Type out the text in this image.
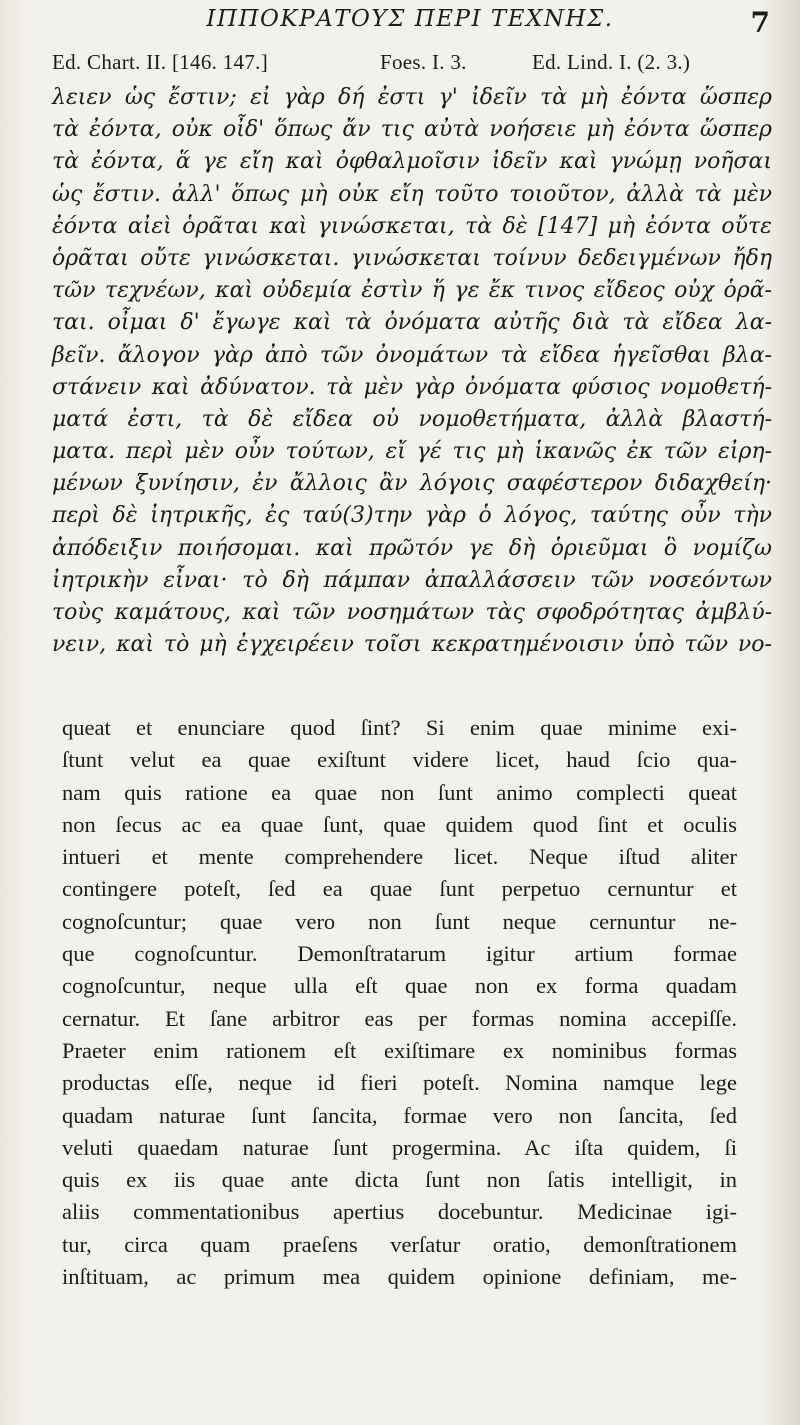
ΙΠΠΟΚΡΑΤΟΥΣ ΠΕΡΙ ΤΕΧΝΗΣ.	7
Ed. Chart. II. [146. 147.]	Foes. I. 3.	Ed. Lind. I. (2. 3.)
λειεν ὡς ἔστιν; εἰ γὰρ δή ἐστι γ' ἰδεῖν τὰ μὴ ἐόντα ὥσπερ
τὰ ἐόντα, οὐκ οἶδ' ὅπως ἄν τις αὐτὰ νοήσειε μὴ ἐόντα ὥσπερ
τὰ ἐόντα, ἅ γε εἴη καὶ ὀφθαλμοῖσιν ἰδεῖν καὶ γνώμῃ νοῆσαι
ὡς ἔστιν. ἀλλ' ὅπως μὴ οὐκ εἴη τοῦτο τοιοῦτον, ἀλλὰ τὰ μὲν
ἐόντα αἰεὶ ὁρᾶται καὶ γινώσκεται, τὰ δὲ [147] μὴ ἐόντα οὔτε
ὁρᾶται οὔτε γινώσκεται. γινώσκεται τοίνυν δεδειγμένων ἤδη
τῶν τεχνέων, καὶ οὐδεμία ἐστὶν ἥ γε ἔκ τινος εἴδεος οὐχ ὁρᾶ-
ται. οἶμαι δ' ἔγωγε καὶ τὰ ὀνόματα αὐτῆς διὰ τὰ εἴδεα λα-
βεῖν. ἄλογον γὰρ ἀπὸ τῶν ὀνομάτων τὰ εἴδεα ἡγεῖσθαι βλα-
στάνειν καὶ ἀδύνατον. τὰ μὲν γὰρ ὀνόματα φύσιος νομοθετή-
ματά ἐστι, τὰ δὲ εἴδεα οὐ νομοθετήματα, ἀλλὰ βλαστή-
ματα. περὶ μὲν οὖν τούτων, εἴ γέ τις μὴ ἱκανῶς ἐκ τῶν εἰρη-
μένων ξυνίησιν, ἐν ἄλλοις ἂν λόγοις σαφέστερον διδαχθείη·
περὶ δὲ ἰητρικῆς, ἐς ταύ(3)την γὰρ ὁ λόγος, ταύτης οὖν τὴν
ἀπόδειξιν ποιήσομαι. καὶ πρῶτόν γε δὴ ὁριεῦμαι ὃ νομίζω
ἰητρικὴν εἶναι· τὸ δὴ πάμπαν ἀπαλλάσσειν τῶν νοσεόντων
τοὺς καμάτους, καὶ τῶν νοσημάτων τὰς σφοδρότητας ἀμβλύ-
νειν, καὶ τὸ μὴ ἐγχειρέειν τοῖσι κεκρατημένοισιν ὑπὸ τῶν νο-
queat et enunciare quod ſint? Si enim quae minime exi-
ſtunt velut ea quae exiſtunt videre licet, haud ſcio qua-
nam quis ratione ea quae non ſunt animo complecti queat
non ſecus ac ea quae ſunt, quae quidem quod ſint et oculis
intueri et mente comprehendere licet. Neque iſtud aliter
contingere poteſt, ſed ea quae ſunt perpetuo cernuntur et
cognoſcuntur; quae vero non ſunt neque cernuntur ne-
que cognoſcuntur. Demonſtratarum igitur artium formae
cognoſcuntur, neque ulla eſt quae non ex forma quadam
cernatur. Et ſane arbitror eas per formas nomina accepiſſe.
Praeter enim rationem eſt exiſtimare ex nominibus formas
productas eſſe, neque id fieri poteſt. Nomina namque lege
quadam naturae ſunt ſancita, formae vero non ſancita, ſed
veluti quaedam naturae ſunt progermina. Ac iſta quidem, ſi
quis ex iis quae ante dicta ſunt non ſatis intelligit, in
aliis commentationibus apertius docebuntur. Medicinae igi-
tur, circa quam praeſens verſatur oratio, demonſtrationem
inſtituam, ac primum mea quidem opinione definiam, me-
